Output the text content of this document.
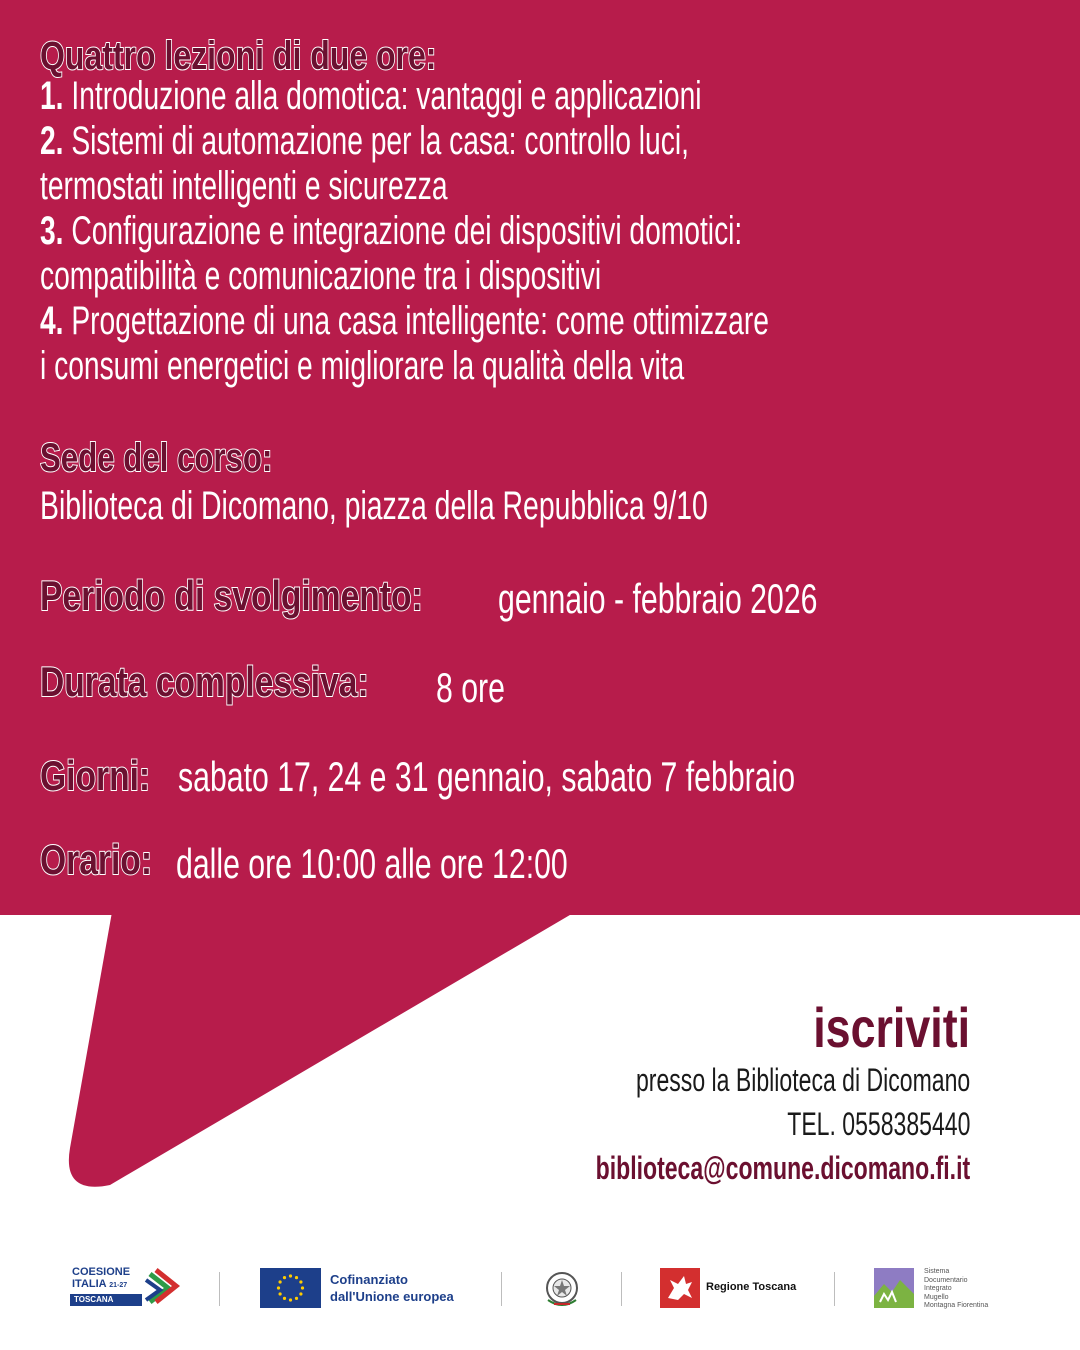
Quattro lezioni di due ore:
1. Introduzione alla domotica: vantaggi e applicazioni
2. Sistemi di automazione per la casa: controllo luci,
termostati intelligenti e sicurezza
3. Configurazione e integrazione dei dispositivi domotici:
compatibilità e comunicazione tra i dispositivi
4. Progettazione di una casa intelligente: come ottimizzare
i consumi energetici e migliorare la qualità della vita
Sede del corso:
Biblioteca di Dicomano, piazza della Repubblica 9/10
Periodo di svolgimento:	gennaio - febbraio 2026
Durata complessiva:	8 ore
Giorni: sabato 17, 24 e 31 gennaio, sabato 7 febbraio
Orario: dalle ore 10:00 alle ore 12:00
iscriviti
presso la Biblioteca di Dicomano
TEL. 0558385440
biblioteca@comune.dicomano.fi.it
COESIONE
ITALIA 21-27
TOSCANA
Cofinanziato
dall'Unione europea
Regione Toscana
Sistema
Documentario
Integrato
Mugello
Montagna Fiorentina
